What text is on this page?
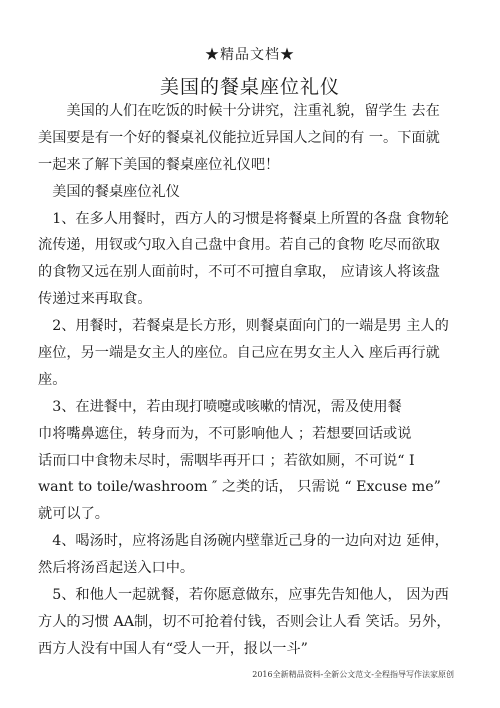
★精品文档★
美国的餐桌座位礼仪
　　美国的人们在吃饭的时候十分讲究，注重礼貌，留学生 去在
美国要是有一个好的餐桌礼仪能拉近异国人之间的有 一。下面就
一起来了解下美国的餐桌座位礼仪吧！
　美国的餐桌座位礼仪
　1、在多人用餐时，西方人的习惯是将餐桌上所置的各盘 食物轮
流传递，用钗或勺取入自己盘中食用。若自己的食物 吃尽而欲取
的食物又远在别人面前时，不可不可擅自拿取， 应请该人将该盘
传递过来再取食。
　2、用餐时，若餐桌是长方形，则餐桌面向门的一端是男 主人的
座位，另一端是女主人的座位。自己应在男女主人入 座后再行就
座。
　3、在进餐中，若由现打喷嚏或咳嗽的情况，需及使用餐
巾将嘴鼻遮住，转身而为，不可影响他人 ；若想要回话或说
话而口中食物未尽时，需咽毕再开口 ；若欲如厕，不可说“ I
want to toile/washroom ″ 之类的话， 只需说 “ Excuse me”
就可以了。
　4、喝汤时，应将汤匙自汤碗内壁靠近己身的一边向对边 延伸，
然后将汤舀起送入口中。
　5、和他人一起就餐，若你愿意做东，应事先告知他人， 因为西
方人的习惯 AA制，切不可抢着付钱，否则会让人看 笑话。另外，
西方人没有中国人有“受人一开，报以一斗”
2016全新精品资料-全新公文范文-全程指导写作法家原创
